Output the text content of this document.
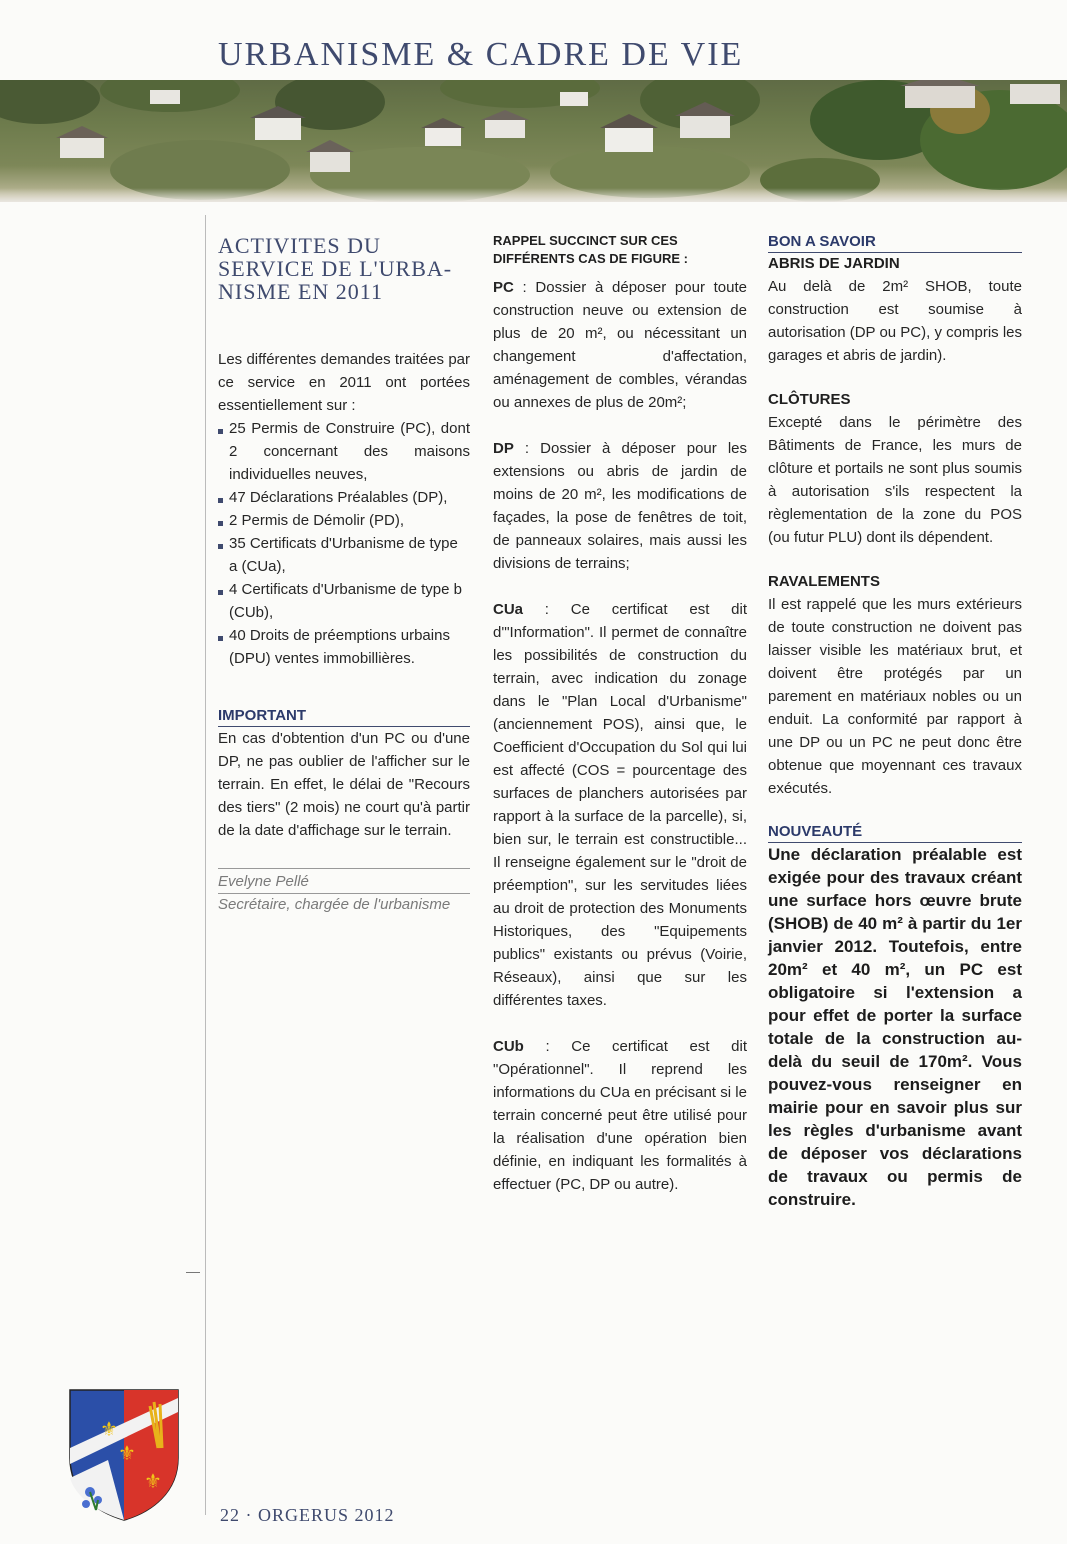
URBANISME & CADRE DE VIE
ACTIVITES DU SERVICE DE L'URBA-NISME EN 2011

Les différentes demandes traitées par ce service en 2011 ont portées essentiellement sur :

25 Permis de Construire (PC), dont 2 concernant des maisons individuelles neuves,
47 Déclarations Préalables (DP),
2 Permis de Démolir (PD),
35 Certificats d'Urbanisme de type a (CUa),
4 Certificats d'Urbanisme de type b (CUb),
40 Droits de préemptions urbains (DPU) ventes immobillières.
IMPORTANT

En cas d'obtention d'un PC ou d'une DP, ne pas oublier de l'afficher sur le terrain. En effet, le délai de "Recours des tiers" (2 mois) ne court qu'à partir de la date d'affichage sur le terrain.

Evelyne Pellé
Secrétaire, chargée de l'urbanisme
RAPPEL SUCCINCT SUR CES DIFFÉRENTS CAS DE FIGURE :

PC : Dossier à déposer pour toute construction neuve ou extension de plus de 20 m², ou nécessitant un changement d'affectation, aménagement de combles, vérandas ou annexes de plus de 20m²;

DP : Dossier à déposer pour les extensions ou abris de jardin de moins de 20 m², les modifications de façades, la pose de fenêtres de toit, de panneaux solaires, mais aussi les divisions de terrains;

CUa : Ce certificat est dit d'"Information". Il permet de connaître les possibilités de construction du terrain, avec indication du zonage dans le "Plan Local d'Urbanisme" (anciennement POS), ainsi que, le Coefficient d'Occupation du Sol qui lui est affecté (COS = pourcentage des surfaces de planchers autorisées par rapport à la surface de la parcelle), si, bien sur, le terrain est constructible... Il renseigne également sur le "droit de préemption", sur les servitudes liées au droit de protection des Monuments Historiques, des "Equipements publics" existants ou prévus (Voirie, Réseaux), ainsi que sur les différentes taxes.

CUb : Ce certificat est dit "Opérationnel". Il reprend les informations du CUa en précisant si le terrain concerné peut être utilisé pour la réalisation d'une opération bien définie, en indiquant les formalités à effectuer (PC, DP ou autre).

BON A SAVOIR
ABRIS DE JARDIN

Au delà de 2m² SHOB, toute construction est soumise à autorisation (DP ou PC), y compris les garages et abris de jardin).

CLÔTURES

Excepté dans le périmètre des Bâtiments de France, les murs de clôture et portails ne sont plus soumis à autorisation s'ils respectent la règlementation de la zone du POS (ou futur PLU) dont ils dépendent.

RAVALEMENTS

Il est rappelé que les murs extérieurs de toute construction ne doivent pas laisser visible les matériaux brut, et doivent être protégés par un parement en matériaux nobles ou un enduit. La conformité par rapport à une DP ou un PC ne peut donc être obtenue que moyennant ces travaux exécutés.

NOUVEAUTÉ

Une déclaration préalable est exigée pour des travaux créant une surface hors œuvre brute (SHOB) de 40 m² à partir du 1er janvier 2012. Toutefois, entre 20m² et 40 m², un PC est obligatoire si l'extension a pour effet de porter la surface totale de la construction au-delà du seuil de 170m². Vous pouvez-vous renseigner en mairie pour en savoir plus sur les règles d'urbanisme avant de déposer vos déclarations de travaux ou permis de construire.

⚜
⚜
⚜
22 · ORGERUS 2012
